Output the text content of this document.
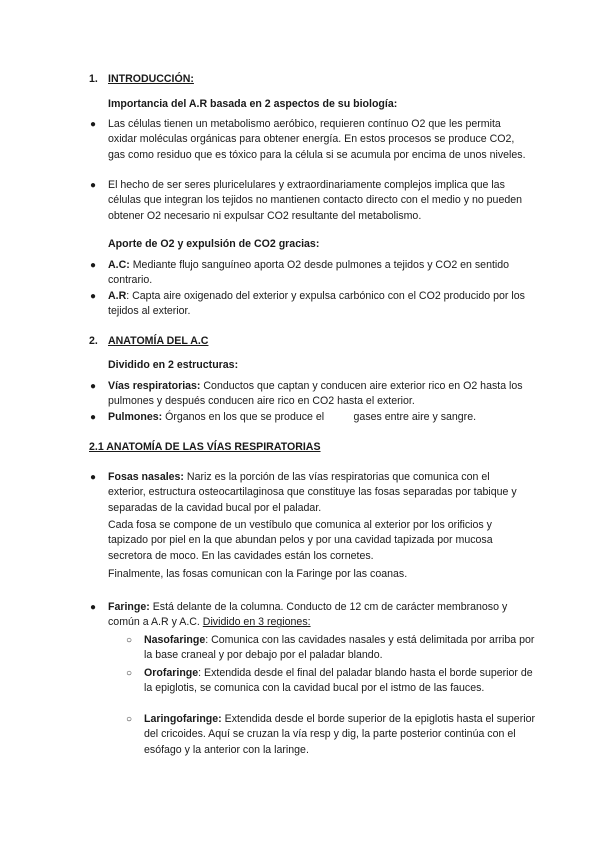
1. INTRODUCCIÓN:
Importancia del A.R basada en 2 aspectos de su biología:
●	Las células tienen un metabolismo aeróbico, requieren contínuo O2 que les permita oxidar moléculas orgánicas para obtener energía. En estos procesos se produce CO2, gas como residuo que es tóxico para la célula si se acumula por encima de unos niveles.

●	El hecho de ser seres pluricelulares y extraordinariamente complejos implica que las células que integran los tejidos no mantienen contacto directo con el medio y no pueden obtener O2 necesario ni expulsar CO2 resultante del metabolismo.

Aporte de O2 y expulsión de CO2 gracias:
●	A.C: Mediante flujo sanguíneo aporta O2 desde pulmones a tejidos y CO2 en sentido contrario.

●	A.R: Capta aire oxigenado del exterior y expulsa carbónico con el CO2 producido por los tejidos al exterior.

2. ANATOMÍA DEL A.C
Dividido en 2 estructuras:
●	Vías respiratorias: Conductos que captan y conducen aire exterior rico en O2 hasta los pulmones y después conducen aire rico en CO2 hasta el exterior.

●	Pulmones: Órganos en los que se produce el          gases entre aire y sangre.

2.1 ANATOMÍA DE LAS VÍAS RESPIRATORIAS
●	Fosas nasales: Nariz es la porción de las vías respiratorias que comunica con el exterior, estructura osteocartilaginosa que constituye las fosas separadas por tabique y separadas de la cavidad bucal por el paladar.

Cada fosa se compone de un vestíbulo que comunica al exterior por los orificios y tapizado por piel en la que abundan pelos y por una cavidad tapizada por mucosa secretora de moco. En las cavidades están los cornetes.

Finalmente, las fosas comunican con la Faringe por las coanas.

●	Faringe: Está delante de la columna. Conducto de 12 cm de carácter membranoso y común a A.R y A.C. Dividido en 3 regiones:

○ Nasofaringe: Comunica con las cavidades nasales y está delimitada por arriba por la base craneal y por debajo por el paladar blando.

○ Orofaringe: Extendida desde el final del paladar blando hasta el borde superior de la epiglotis, se comunica con la cavidad bucal por el istmo de las fauces.

○ Laringofaringe: Extendida desde el borde superior de la epiglotis hasta el superior del cricoides. Aquí se cruzan la vía resp y dig, la parte posterior continúa con el esófago y la anterior con la laringe.
